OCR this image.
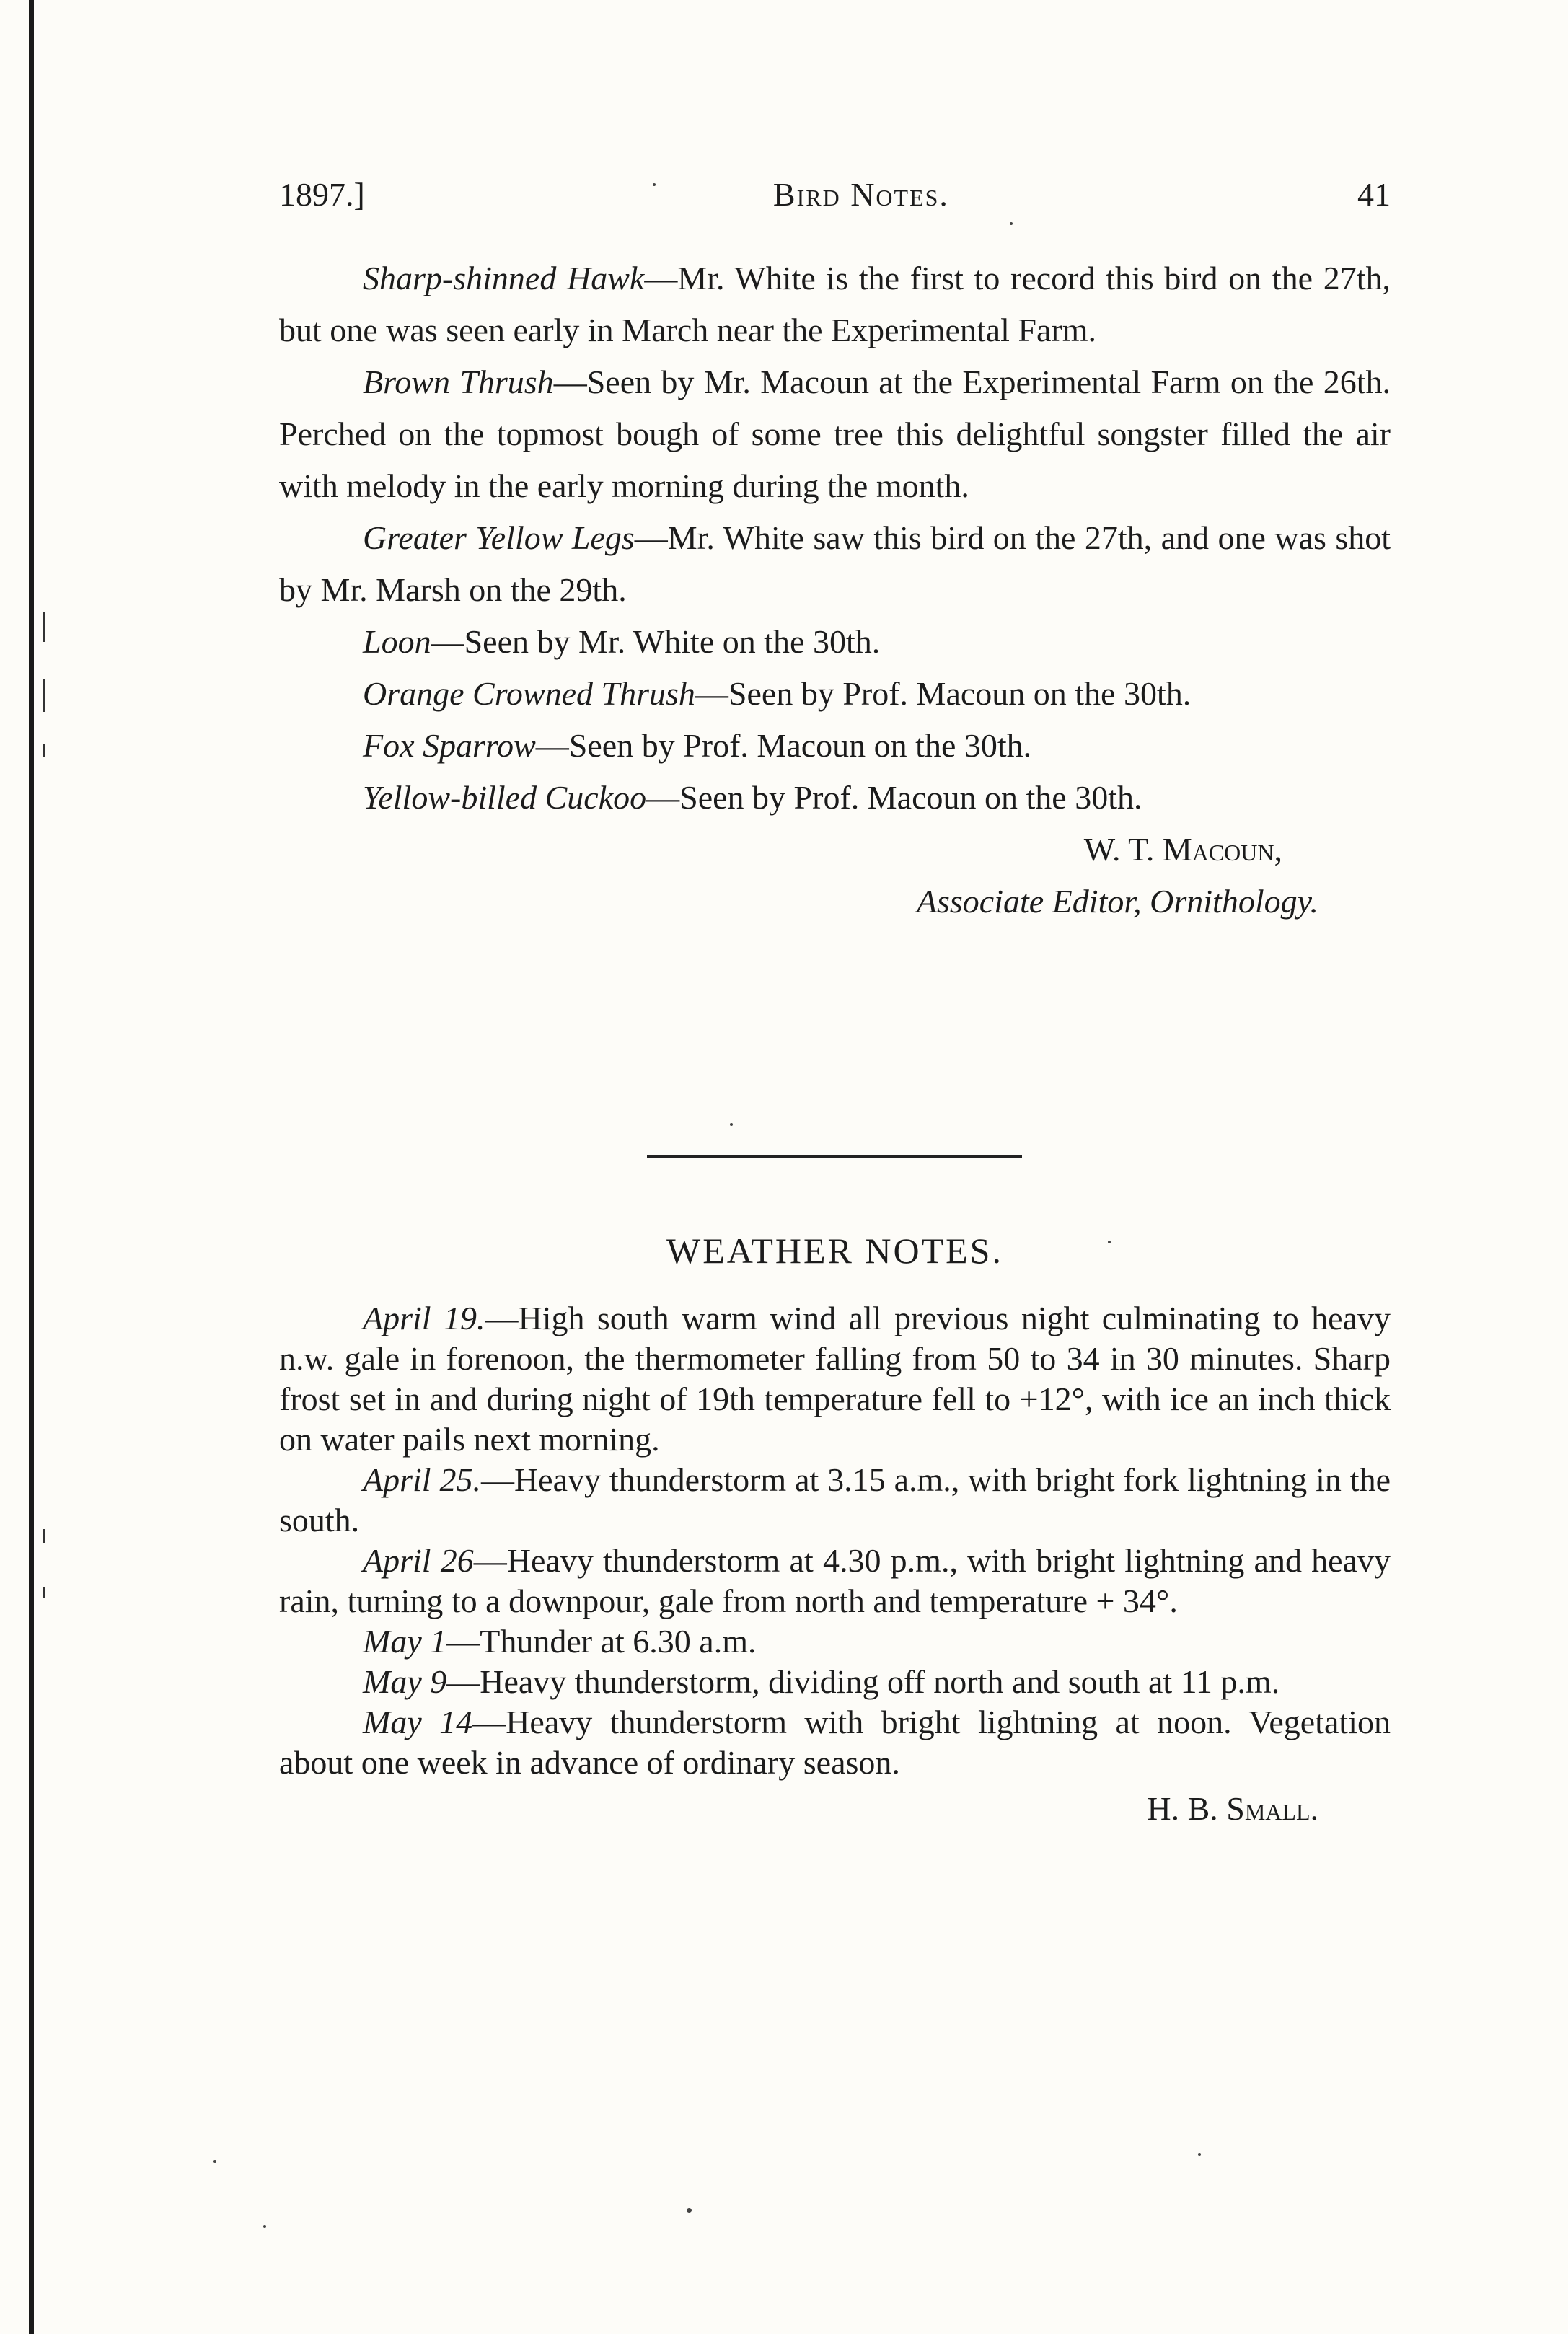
1897.]	Bird Notes.	41

Sharp-shinned Hawk—Mr. White is the first to record this bird on the 27th, but one was seen early in March near the Experimental Farm.

Brown Thrush—Seen by Mr. Macoun at the Experimental Farm on the 26th. Perched on the topmost bough of some tree this delightful songster filled the air with melody in the early morning during the month.

Greater Yellow Legs—Mr. White saw this bird on the 27th, and one was shot by Mr. Marsh on the 29th.

Loon—Seen by Mr. White on the 30th.

Orange Crowned Thrush—Seen by Prof. Macoun on the 30th.

Fox Sparrow—Seen by Prof. Macoun on the 30th.

Yellow-billed Cuckoo—Seen by Prof. Macoun on the 30th.

W. T. Macoun,

Associate Editor, Ornithology.

WEATHER NOTES.

April 19.—High south warm wind all previous night culminating to heavy n.w. gale in forenoon, the thermometer falling from 50 to 34 in 30 minutes. Sharp frost set in and during night of 19th temperature fell to +12°, with ice an inch thick on water pails next morning.

April 25.—Heavy thunderstorm at 3.15 a.m., with bright fork lightning in the south.

April 26—Heavy thunderstorm at 4.30 p.m., with bright lightning and heavy rain, turning to a downpour, gale from north and temperature + 34°.

May 1—Thunder at 6.30 a.m.

May 9—Heavy thunderstorm, dividing off north and south at 11 p.m.

May 14—Heavy thunderstorm with bright lightning at noon. Vegetation about one week in advance of ordinary season.

H. B. Small.
